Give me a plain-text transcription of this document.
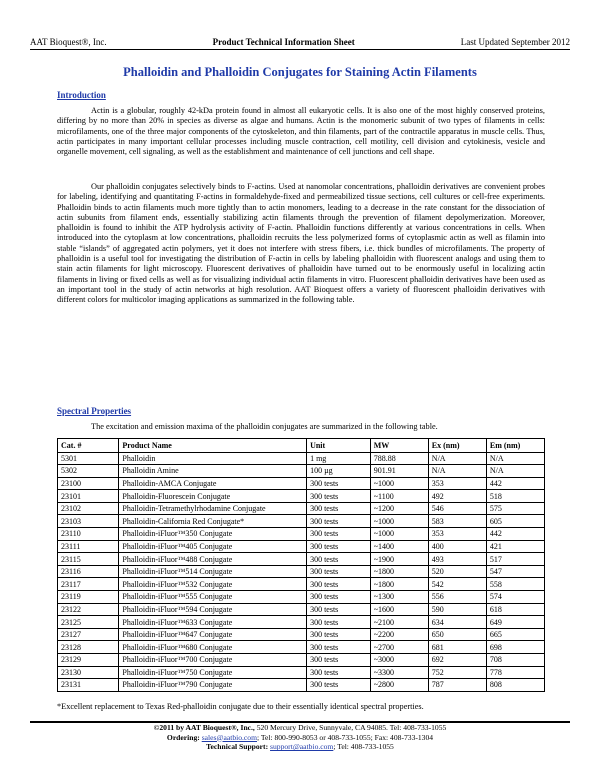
AAT Bioquest®, Inc.	Product Technical Information Sheet	Last Updated September 2012
Phalloidin and Phalloidin Conjugates for Staining Actin Filaments
Introduction

Actin is a globular, roughly 42-kDa protein found in almost all eukaryotic cells. It is also one of the most highly conserved proteins, differing by no more than 20% in species as diverse as algae and humans. Actin is the monomeric subunit of two types of filaments in cells: microfilaments, one of the three major components of the cytoskeleton, and thin filaments, part of the contractile apparatus in muscle cells. Thus, actin participates in many important cellular processes including muscle contraction, cell motility, cell division and cytokinesis, vesicle and organelle movement, cell signaling, as well as the establishment and maintenance of cell junctions and cell shape.

Our phalloidin conjugates selectively binds to F-actins. Used at nanomolar concentrations, phalloidin derivatives are convenient probes for labeling, identifying and quantitating F-actins in formaldehyde-fixed and permeabilized tissue sections, cell cultures or cell-free experiments. Phalloidin binds to actin filaments much more tightly than to actin monomers, leading to a decrease in the rate constant for the dissociation of actin subunits from filament ends, essentially stabilizing actin filaments through the prevention of filament depolymerization. Moreover, phalloidin is found to inhibit the ATP hydrolysis activity of F-actin. Phalloidin functions differently at various concentrations in cells. When introduced into the cytoplasm at low concentrations, phalloidin recruits the less polymerized forms of cytoplasmic actin as well as filamin into stable “islands” of aggregated actin polymers, yet it does not interfere with stress fibers, i.e. thick bundles of microfilaments. The property of phalloidin is a useful tool for investigating the distribution of F-actin in cells by labeling phalloidin with fluorescent analogs and using them to stain actin filaments for light microscopy. Fluorescent derivatives of phalloidin have turned out to be enormously useful in localizing actin filaments in living or fixed cells as well as for visualizing individual actin filaments in vitro. Fluorescent phalloidin derivatives have been used as an important tool in the study of actin networks at high resolution. AAT Bioquest offers a variety of fluorescent phalloidin derivatives with different colors for multicolor imaging applications as summarized in the following table.

Spectral Properties

The excitation and emission maxima of the phalloidin conjugates are summarized in the following table.

Cat. #	Product Name	Unit	MW	Ex (nm)	Em (nm)
5301	Phalloidin	1 mg	788.88	N/A	N/A
5302	Phalloidin Amine	100 µg	901.91	N/A	N/A
23100	Phalloidin-AMCA Conjugate	300 tests	~1000	353	442
23101	Phalloidin-Fluorescein Conjugate	300 tests	~1100	492	518
23102	Phalloidin-Tetramethylrhodamine Conjugate	300 tests	~1200	546	575
23103	Phalloidin-California Red Conjugate*	300 tests	~1000	583	605
23110	Phalloidin-iFluor™350 Conjugate	300 tests	~1000	353	442
23111	Phalloidin-iFluor™405 Conjugate	300 tests	~1400	400	421
23115	Phalloidin-iFluor™488 Conjugate	300 tests	~1900	493	517
23116	Phalloidin-iFluor™514 Conjugate	300 tests	~1800	520	547
23117	Phalloidin-iFluor™532 Conjugate	300 tests	~1800	542	558
23119	Phalloidin-iFluor™555 Conjugate	300 tests	~1300	556	574
23122	Phalloidin-iFluor™594 Conjugate	300 tests	~1600	590	618
23125	Phalloidin-iFluor™633 Conjugate	300 tests	~2100	634	649
23127	Phalloidin-iFluor™647 Conjugate	300 tests	~2200	650	665
23128	Phalloidin-iFluor™680 Conjugate	300 tests	~2700	681	698
23129	Phalloidin-iFluor™700 Conjugate	300 tests	~3000	692	708
23130	Phalloidin-iFluor™750 Conjugate	300 tests	~3300	752	778
23131	Phalloidin-iFluor™790 Conjugate	300 tests	~2800	787	808
*Excellent replacement to Texas Red-phalloidin conjugate due to their essentially identical spectral properties.
©2011 by AAT Bioquest®, Inc., 520 Mercury Drive, Sunnyvale, CA 94085. Tel: 408-733-1055
Ordering: sales@aatbio.com; Tel: 800-990-8053 or 408-733-1055; Fax: 408-733-1304
Technical Support: support@aatbio.com; Tel: 408-733-1055
